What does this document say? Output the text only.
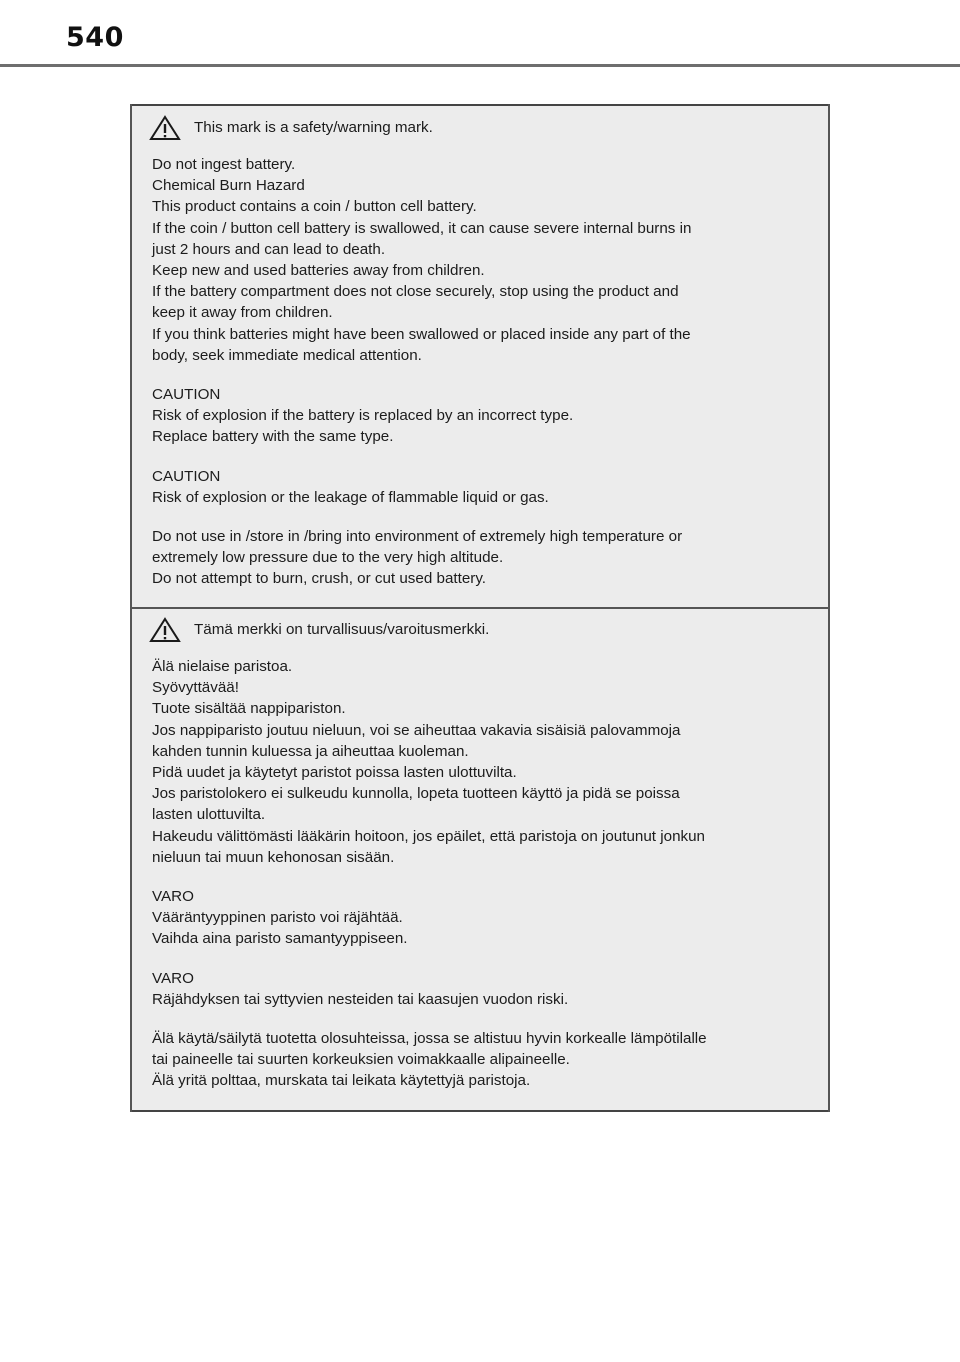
540
This mark is a safety/warning mark.
Do not ingest battery.
Chemical Burn Hazard
This product contains a coin / button cell battery.
If the coin / button cell battery is swallowed, it can cause severe internal burns in
just 2 hours and can lead to death.
Keep new and used batteries away from children.
If the battery compartment does not close securely, stop using the product and
keep it away from children.
If you think batteries might have been swallowed or placed inside any part of the
body, seek immediate medical attention.
CAUTION
Risk of explosion if the battery is replaced by an incorrect type.
Replace battery with the same type.
CAUTION
Risk of explosion or the leakage of flammable liquid or gas.
Do not use in /store in /bring into environment of extremely high temperature or
extremely low pressure due to the very high altitude.
Do not attempt to burn, crush, or cut used battery.
Tämä merkki on turvallisuus/varoitusmerkki.
Älä nielaise paristoa.
Syövyttävää!
Tuote sisältää nappipariston.
Jos nappiparisto joutuu nieluun, voi se aiheuttaa vakavia sisäisiä palovammoja
kahden tunnin kuluessa ja aiheuttaa kuoleman.
Pidä uudet ja käytetyt paristot poissa lasten ulottuvilta.
Jos paristolokero ei sulkeudu kunnolla, lopeta tuotteen käyttö ja pidä se poissa
lasten ulottuvilta.
Hakeudu välittömästi lääkärin hoitoon, jos epäilet, että paristoja on joutunut jonkun
nieluun tai muun kehonosan sisään.
VARO
Vääräntyyppinen paristo voi räjähtää.
Vaihda aina paristo samantyyppiseen.
VARO
Räjähdyksen tai syttyvien nesteiden tai kaasujen vuodon riski.
Älä käytä/säilytä tuotetta olosuhteissa, jossa se altistuu hyvin korkealle lämpötilalle
tai paineelle tai suurten korkeuksien voimakkaalle alipaineelle.
Älä yritä polttaa, murskata tai leikata käytettyjä paristoja.
